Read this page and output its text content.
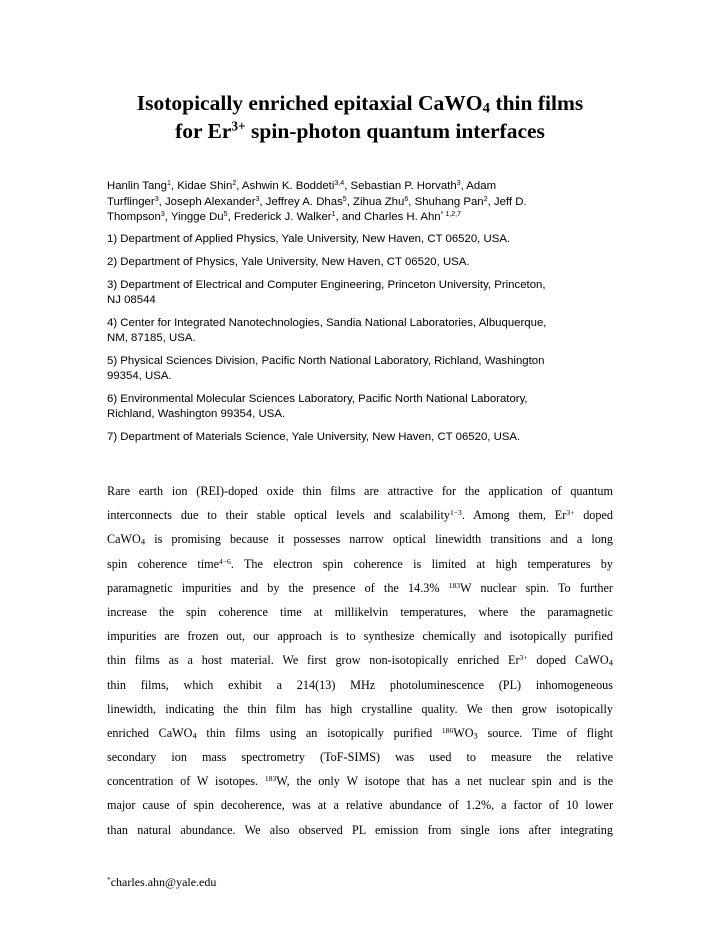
Isotopically enriched epitaxial CaWO$_4$ thin films
for $Er^{3+}$ spin-photon quantum interfaces
Hanlin Tang$^1$, Kidae Shin$^2$, Ashwin K. Boddeti$^{3,4}$, Sebastian P. Horvath$^3$, Adam
Turflinger$^3$, Joseph Alexander$^3$, Jeffrey A. Dhas$^5$, Zihua Zhu$^6$, Shuhang Pan$^2$, Jeff D.
Thompson$^3$, Yingge Du$^5$, Frederick J. Walker$^1$, and Charles H. Ahn$^{* 1,2,7}$
1) Department of Applied Physics, Yale University, New Haven, CT 06520, USA.
2) Department of Physics, Yale University, New Haven, CT 06520, USA.
3) Department of Electrical and Computer Engineering, Princeton University, Princeton,
NJ 08544
4) Center for Integrated Nanotechnologies, Sandia National Laboratories, Albuquerque,
NM, 87185, USA.
5) Physical Sciences Division, Pacific North National Laboratory, Richland, Washington
99354, USA.
6) Environmental Molecular Sciences Laboratory, Pacific North National Laboratory,
Richland, Washington 99354, USA.
7) Department of Materials Science, Yale University, New Haven, CT 06520, USA.
Rare earth ion (REI)-doped oxide thin films are attractive for the application of quantum
interconnects due to their stable optical levels and scalability$^{1-3}$. Among them, $Er^{3+}$ doped
CaWO$_4$ is promising because it possesses narrow optical linewidth transitions and a long
spin coherence time$^{4-6}$. The electron spin coherence is limited at high temperatures by
paramagnetic impurities and by the presence of the 14.3% $^{183}$W nuclear spin. To further
increase the spin coherence time at millikelvin temperatures, where the paramagnetic
impurities are frozen out, our approach is to synthesize chemically and isotopically purified
thin films as a host material. We first grow non-isotopically enriched $Er^{3+}$ doped CaWO$_4$
thin films, which exhibit a 214(13) MHz photoluminescence (PL) inhomogeneous
linewidth, indicating the thin film has high crystalline quality. We then grow isotopically
enriched CaWO$_4$ thin films using an isotopically purified $^{186}WO_3$ source. Time of flight
secondary ion mass spectrometry (ToF-SIMS) was used to measure the relative
concentration of W isotopes. $^{183}$W, the only W isotope that has a net nuclear spin and is the
major cause of spin decoherence, was at a relative abundance of 1.2%, a factor of 10 lower
than natural abundance. We also observed PL emission from single ions after integrating
*charles.ahn@yale.edu
